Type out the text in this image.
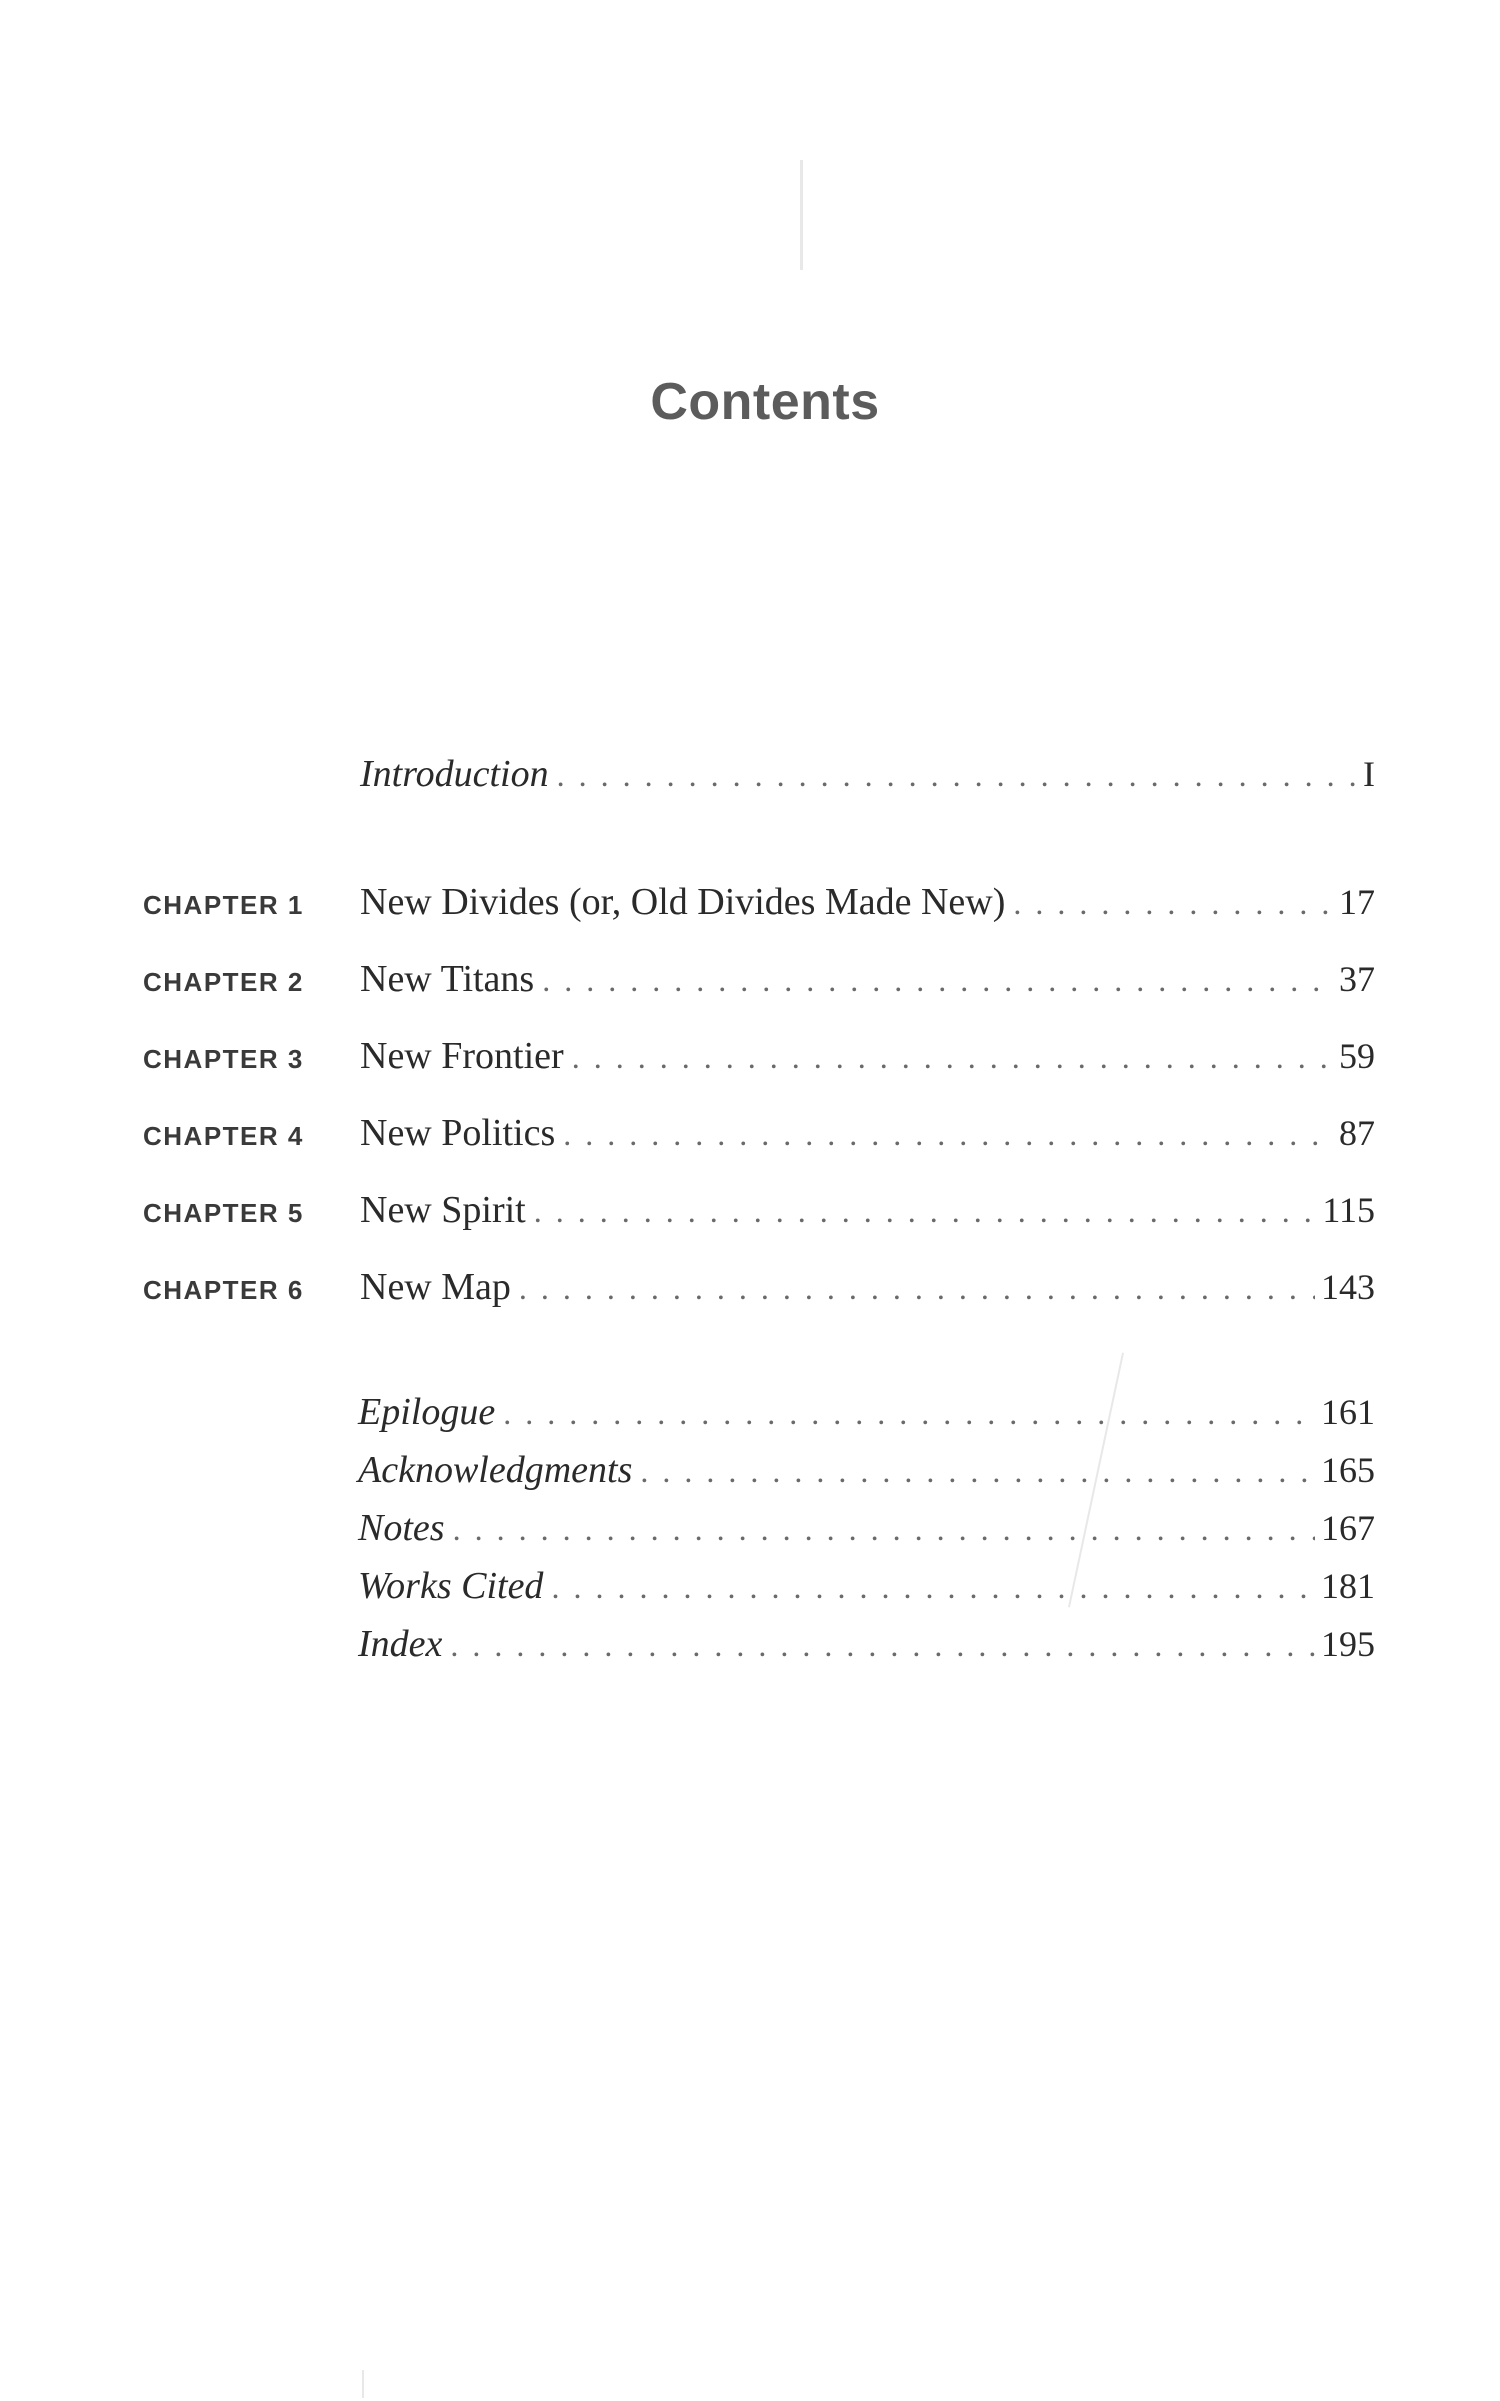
Contents
Introduction . . .	I
CHAPTER 1	New Divides (or, Old Divides Made New) . . .	17
CHAPTER 2	New Titans . . .	37
CHAPTER 3	New Frontier . . .	59
CHAPTER 4	New Politics . . .	87
CHAPTER 5	New Spirit . . .	115
CHAPTER 6	New Map . . .	143
Epilogue . . .	161
Acknowledgments . . .	165
Notes . . .	167
Works Cited . . .	181
Index . . .	195
